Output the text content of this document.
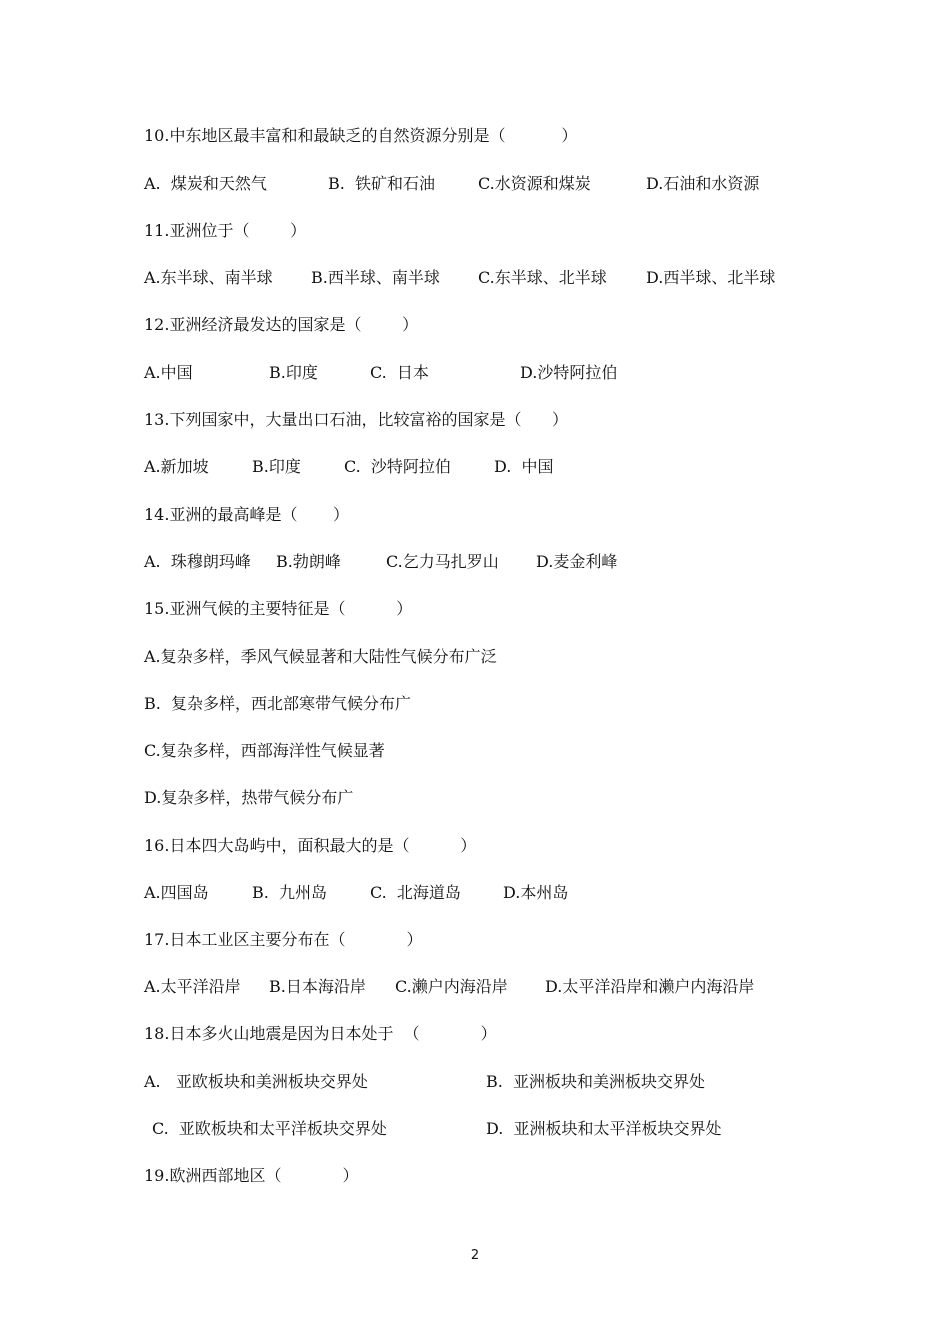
10.中东地区最丰富和和最缺乏的自然资源分别是（           ）
A.  煤炭和天然气	B.  铁矿和石油	C.水资源和煤炭	D.石油和水资源
11.亚洲位于（        ）
A.东半球、南半球 B.西半球、南半球 C.东半球、北半球 D.西半球、北半球
12.亚洲经济最发达的国家是（        ）
A.中国	B.印度	C.  日本	D.沙特阿拉伯
13.下列国家中，大量出口石油，比较富裕的国家是（      ）
A.新加坡	B.印度	C.  沙特阿拉伯	D.  中国
14.亚洲的最高峰是（       ）
A.  珠穆朗玛峰 B.勃朗峰	C.乞力马扎罗山 D.麦金利峰
15.亚洲气候的主要特征是（          ）
A.复杂多样，季风气候显著和大陆性气候分布广泛
B.  复杂多样，西北部寒带气候分布广
C.复杂多样，西部海洋性气候显著
D.复杂多样，热带气候分布广
16.日本四大岛屿中，面积最大的是（          ）
A.四国岛	B.  九州岛	C.  北海道岛	D.本州岛
17.日本工业区主要分布在（            ）
A.太平洋沿岸 B.日本海沿岸 C.濑户内海沿岸 D.太平洋沿岸和濑户内海沿岸
18.日本多火山地震是因为日本处于  （            ）
A.   亚欧板块和美洲板块交界处	B.  亚洲板块和美洲板块交界处
C.  亚欧板块和太平洋板块交界处	D.  亚洲板块和太平洋板块交界处
19.欧洲西部地区（            ）
2
